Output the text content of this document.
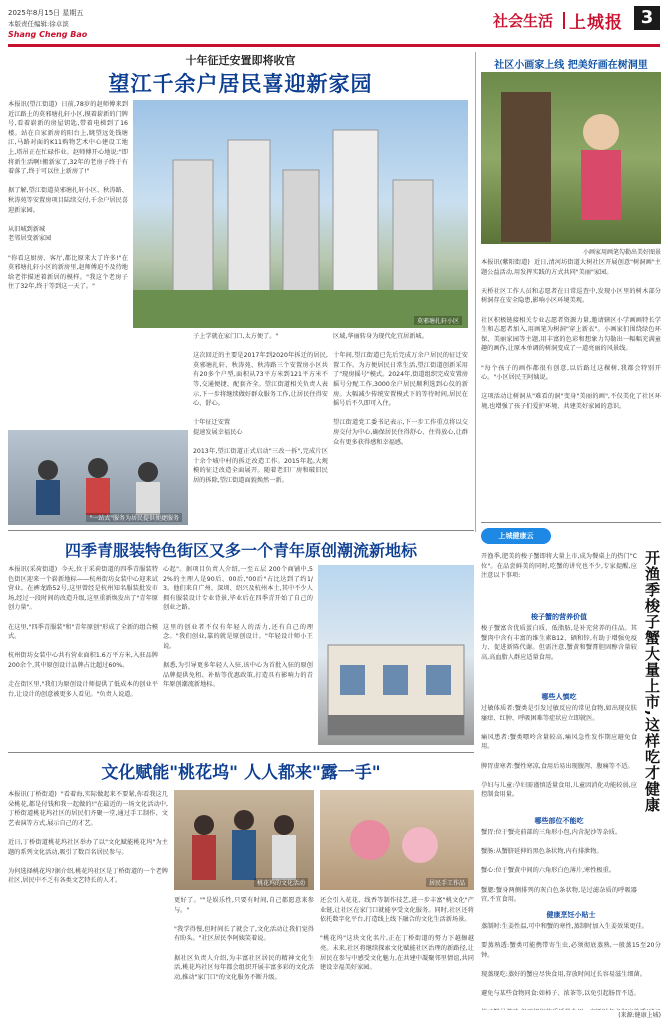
2025年8月15日 星期五
本版责任编辑:徐卓滨
Shang Cheng Bao
社会生活 上城报 3
十年征迁安置即将收官
望江千余户居民喜迎新家园
本报讯(望江街道)  日前,78岁的赵师傅来到近江路上的莫邪塘扎轩小区,摸着崭新的门牌号,看着崭新的房屋钥匙,带着电梯到了16楼。站在自家新房的阳台上,眺望远处钱塘江,马路对面的K11购物艺术中心建设工地上,塔吊正在忙碌作业。赵师傅开心地说:"即将新生活啊!搬新家了,32年的老房子终于有着落了,终于可以住上新房了!"

据了解,望江街道莫邪塘扎轩小区、秋涛路、秋涛苑等安置房项目陆续交付,千余户居民喜迎新家园。

从旧城到新城
老邻居变新家园

"你看这厨房、客厅,都比原来大了许多!"在莫邪塘扎轩小区的新房里,赵师傅迫不及待地给老伴描述着新居的模样。"我这个老房子住了32年,终于等到这一天了。"
莫邪塘扎轩小区
"一站式"服务为居民提供便捷服务
子上学就在家门口,太方便了。"

这次回迁的主要是2017年到2020年拆迁的居民,莫邪塘扎轩、秋涛苑、秋涛路三个安置房小区共有20多个户型,面积从73平方米到121平方米不等,交通便捷、配套齐全。望江街道相关负责人表示,下一步将继续做好群众服务工作,让居民住得安心、舒心。

十年征迁安置
提速发展幸福民心

2013年,望江街道正式启动"三改一拆",完成片区十余个城中村的拆迁改造工作。2015年起,大规模的征迁改造全面展开。随着老旧厂房和破旧民居的拆除,望江街道面貌焕然一新。
区域,华丽转身为现代化宜居新城。

十年间,望江街道已先后完成万余户居民的征迁安置工作。为方便居民日常生活,望江街道创新采用了"现房摇号"模式。2024年,街道组织完成安置房摇号分配工作,3000余户居民顺利选到心仪的新房。大幅减少传统安置模式下的等待时间,居民在摇号后不久即可入住。

望江街道党工委书记表示,下一步工作重点将以交房交付为中心,确保居民住得舒心、住得放心,让群众有更多获得感和幸福感。
社区小画家上线 把美好画在树洞里
小画家用画笔勾勒出美好图景
本报讯(紫阳街道)  近日,清河坊街道大树社区开展创意"树洞画"主题公益活动,用发挥实践的方式共同"美丽"家园。

天桥社区工作人员和志愿者在日常巡查中,发现小区里的树木部分树洞存在安全隐患,影响小区环境美观。

社区积极链接相关专业志愿者资源力量,邀请辖区小学画画特长学生和志愿者加入,用画笔为树洞"穿上新衣"。小画家们围绕绿色环保、美丽家园等主题,用丰富的色彩和想象力勾勒出一幅幅充满童趣的画作,让原本单调的树洞变成了一道亮丽的风景线。

"每个孩子的画作都很有创意,以后路过这棵树,我都会特别开心。"小区居民王阿姨说。

这项活动让树洞从"难看的洞"变身"美丽的画",不仅美化了社区环境,也增强了孩子们爱护环境、共建美好家园的意识。
四季青服装特色街区又多一个青年原创潮流新地标
本报讯(采荷街道)  今天,位于采荷街道的四季青服装特色街区迎来一个崭新地标——杭州街坊女装中心迎来试营业。在裤龙路52号,这里曾经是杭州知名服装批发市场,经过一段时间的改造升级,这里重新焕发出了"青年原创力量"。

在这里,"四季青服装"和"青年原创"形成了全新的组合模式。

杭州街坊女装中心共有营业面积1.6万平方米,入驻品牌200余个,其中原创设计品牌占比超过60%。

走在街区里,"我们为原创设计师提供了低成本的创业平台,让设计的创意被更多人看见。"负责人说道。
心起"。据项目负责人介绍,一至五层 200个商铺中,52%的主理人是90后、00后,"00后"占比达到了约1/3。他们来自广州、深圳、绍兴及杭州本土,其中不少人拥有服装设计专业背景,毕业后在四季青开始了自己的创业之路。

这里的创业者不仅有年轻人的活力,还有自己的理念。"我们创业,靠的就是原创设计。"年轻设计师小王说。

据悉,为引导更多年轻人入驻,该中心为首批入驻的原创品牌提供免租、补贴等优惠政策,打造具有影响力的青年原创潮流新地标。
文化赋能"桃花坞" 人人都来"露一手"
本报讯(丁桥街道)  "看着海,实际做起来不要紧,你看我这几朵桃花,都是付钱和我一起做的!"在最近的一场文化活动中,丁桥街道桃花坞社区的居民们齐聚一堂,通过手工制作、文艺表演等方式,展示自己的才艺。

近日,丁桥街道桃花坞社区举办了以"文化赋能桃花坞"为主题的系列文化活动,吸引了数百名居民参与。

为何选择桃花坞?据介绍,桃花坞社区是丁桥街道的一个老牌社区,居民中不乏有各类文艺特长的人才。	桃花坞的文化活动
更好了。""是娱乐性,只要有时间,自己都愿意来参与。"

"我学得慢,但时间长了就会了,文化活动让我们觉得有盼头。"社区居民李阿姨笑着说。

据社区负责人介绍,为丰富社区居民的精神文化生活,桃花坞社区每年都会组织开展丰富多彩的文化活动,推动"家门口"的文化服务不断升级。
居民手工作品
还会引入花花、线香等制作技艺,进一步丰富"桃文化"产业链,让社区在家门口就能享受文化服务。同时,社区还将依托数字化平台,打造线上线下融合的文化生活新场景。

"桃花坞"这块文化名片,正在丁桥街道的努力下越擦越亮。未来,社区将继续探索文化赋能社区治理的新路径,让居民在参与中感受文化魅力,在共建中凝聚邻里情谊,共同建设幸福美好家园。
上城健康云
开渔季梭子蟹大量上市,这样吃才健康
开渔季,肥美的梭子蟹即将大量上市,成为餐桌上的热门"C位"。在品尝鲜美的同时,吃蟹的讲究也不少,专家提醒,应注意以下事项:
梭子蟹的营养价值
梭子蟹富含优质蛋白质、低脂肪,是补充营养的佳品。其蟹肉中含有丰富的维生素B12、硒和锌,有助于增强免疫力、促进新陈代谢。但需注意,蟹黄和蟹膏胆固醇含量较高,高血脂人群应适量食用。
哪些人慎吃
过敏体质者:蟹类是引发过敏反应的常见食物,如出现皮肤瘙痒、红肿、呼吸困难等症状应立即就医。

痛风患者:蟹类嘌呤含量较高,痛风急性发作期应避免食用。

脾胃虚寒者:蟹性寒凉,食用后易出现腹泻、腹痛等不适。

孕妇与儿童:孕妇需谨慎适量食用,儿童因消化功能较弱,应控制食用量。
哪些部位不能吃
蟹胃:位于蟹壳前部的三角形小包,内含泥沙等杂质。

蟹肠:从蟹脐延伸的黑色条状物,内有排泄物。

蟹心:位于蟹黄中间的六角形白色薄片,寒性极重。

蟹腮:蟹身两侧排列的灰白色条状物,是过滤杂质的呼吸器官,不宜食用。
健康烹饪小贴士
蒸制时:生姜性温,可中和蟹的寒性,蒸制时加入生姜效果更佳。

要蒸熟透:蟹类可能携带寄生虫,必须彻底蒸熟,一般蒸15至20分钟。

现蒸现吃:蒸好的蟹应尽快食用,存放时间过长容易滋生细菌。

避免与某些食物同食:如柿子、浓茶等,以免引起肠胃不适。

(来源:健康上城)
